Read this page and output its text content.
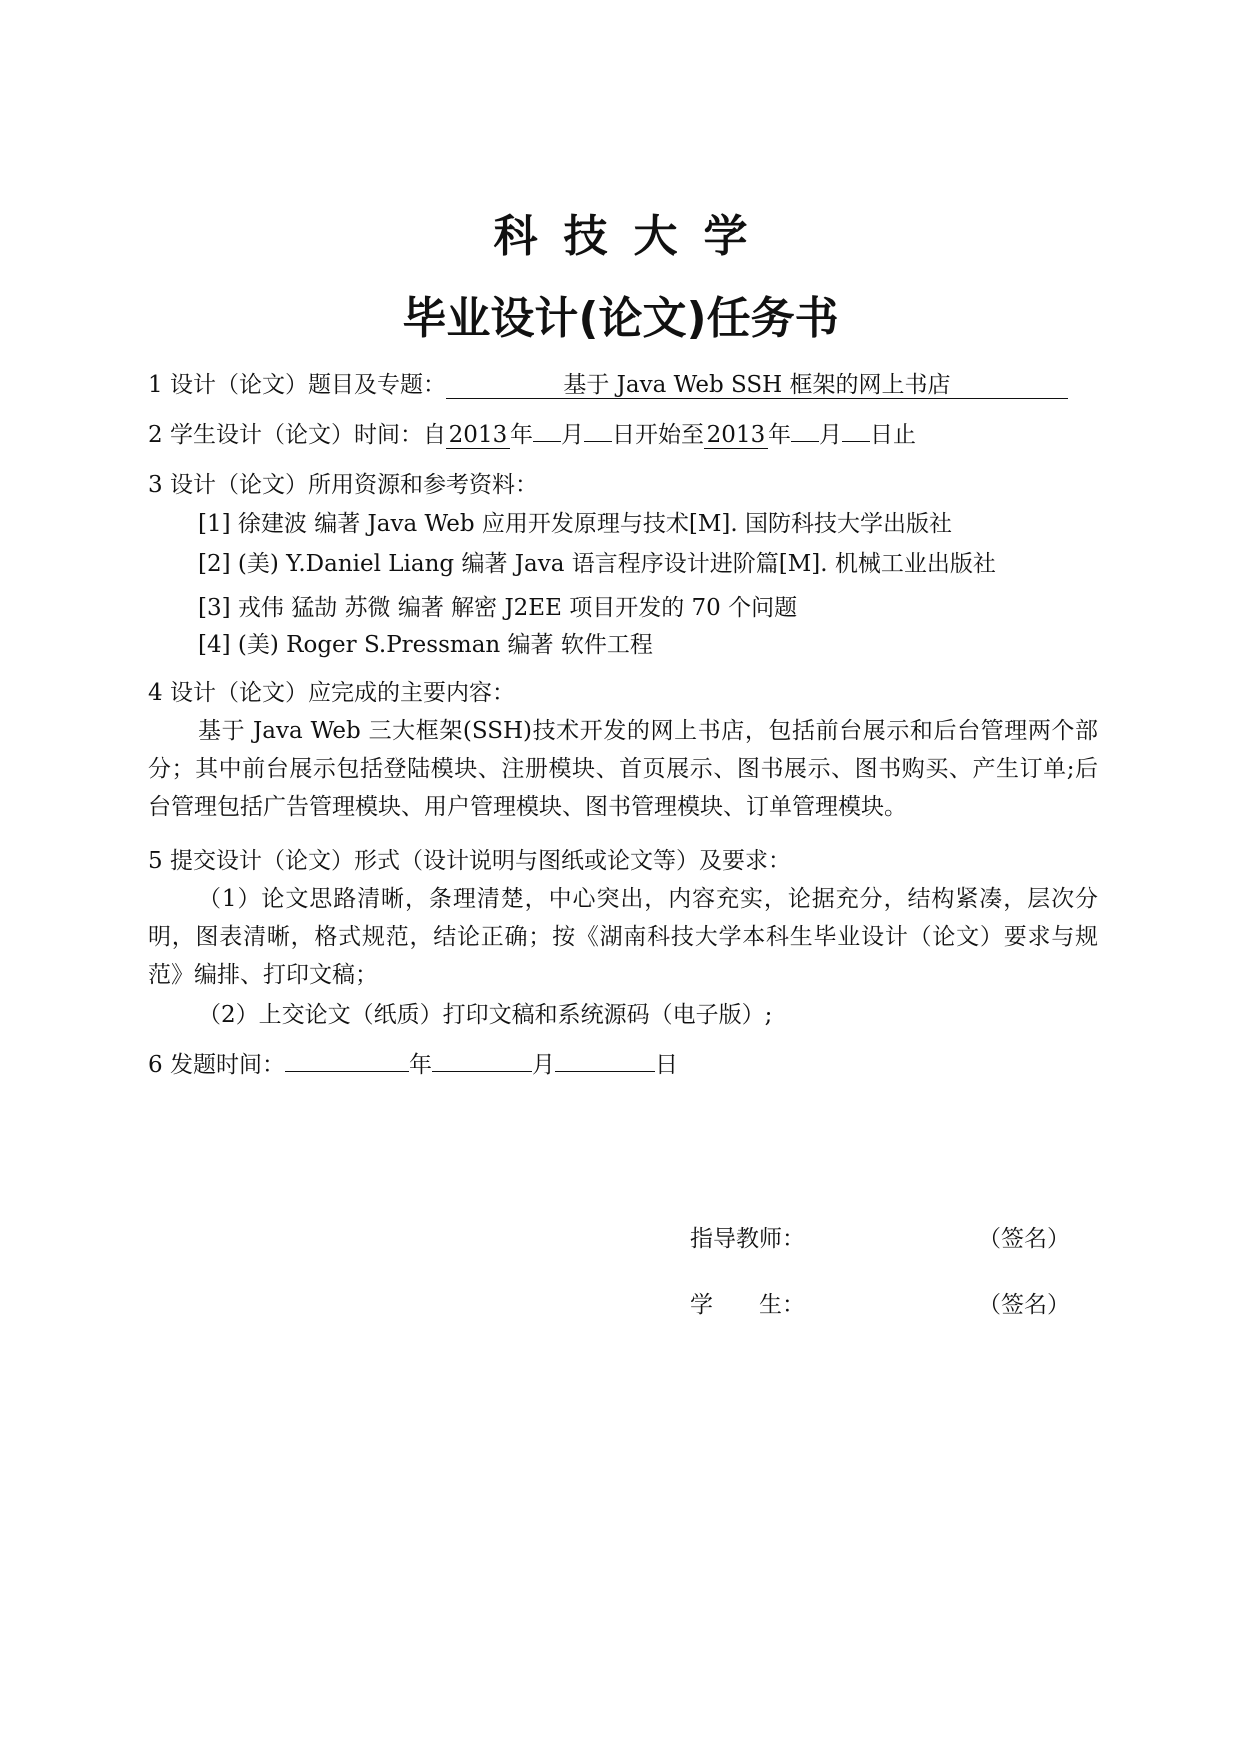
科技大学
毕业设计(论文)任务书
1 设计（论文）题目及专题：	基于 Java Web SSH 框架的网上书店
2 学生设计（论文）时间：自 2013 年 月 日开始至 2013 年 月 日止
3 设计（论文）所用资源和参考资料：
[1] 徐建波 编著 Java Web 应用开发原理与技术[M]. 国防科技大学出版社
[2] (美) Y.Daniel Liang 编著 Java 语言程序设计进阶篇[M]. 机械工业出版社
[3] 戎伟 猛劼 苏微 编著 解密 J2EE 项目开发的 70 个问题
[4] (美) Roger S.Pressman 编著 软件工程
4 设计（论文）应完成的主要内容：
基于 Java Web 三大框架(SSH)技术开发的网上书店，包括前台展示和后台管理两个部分；其中前台展示包括登陆模块、注册模块、首页展示、图书展示、图书购买、产生订单;后台管理包括广告管理模块、用户管理模块、图书管理模块、订单管理模块。
5 提交设计（论文）形式（设计说明与图纸或论文等）及要求：
（1）论文思路清晰，条理清楚，中心突出，内容充实，论据充分，结构紧凑，层次分明，图表清晰，格式规范，结论正确；按《湖南科技大学本科生毕业设计（论文）要求与规范》编排、打印文稿；
（2）上交论文（纸质）打印文稿和系统源码（电子版）;
6 发题时间：	年	月	日
指导教师：	（签名）
学　　生：	（签名）
